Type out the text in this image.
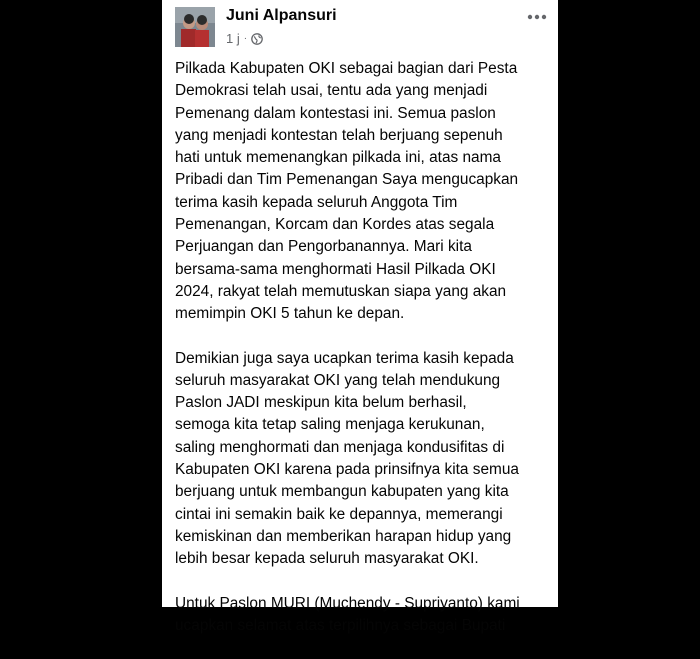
Juni Alpansuri
1 j ·

Pilkada Kabupaten OKI sebagai bagian dari Pesta
Demokrasi telah usai, tentu ada yang menjadi
Pemenang dalam kontestasi ini. Semua paslon
yang menjadi kontestan telah berjuang sepenuh
hati untuk memenangkan pilkada ini, atas nama
Pribadi dan Tim Pemenangan Saya mengucapkan
terima kasih kepada seluruh Anggota Tim
Pemenangan, Korcam dan Kordes atas segala
Perjuangan dan Pengorbanannya. Mari kita
bersama-sama menghormati Hasil Pilkada OKI
2024, rakyat telah memutuskan siapa yang akan
memimpin OKI 5 tahun ke depan.

Demikian juga saya ucapkan terima kasih kepada
seluruh masyarakat OKI yang telah mendukung
Paslon JADI meskipun kita belum berhasil,
semoga kita tetap saling menjaga kerukunan,
saling menghormati dan menjaga kondusifitas di
Kabupaten OKI karena pada prinsifnya kita semua
berjuang untuk membangun kabupaten yang kita
cintai ini semakin baik ke depannya, memerangi
kemiskinan dan memberikan harapan hidup yang
lebih besar kepada seluruh masyarakat OKI.

Untuk Paslon MURI (Muchendy - Supriyanto) kami
ucapkan selamat atas terpilihnya sebagai Bupati
